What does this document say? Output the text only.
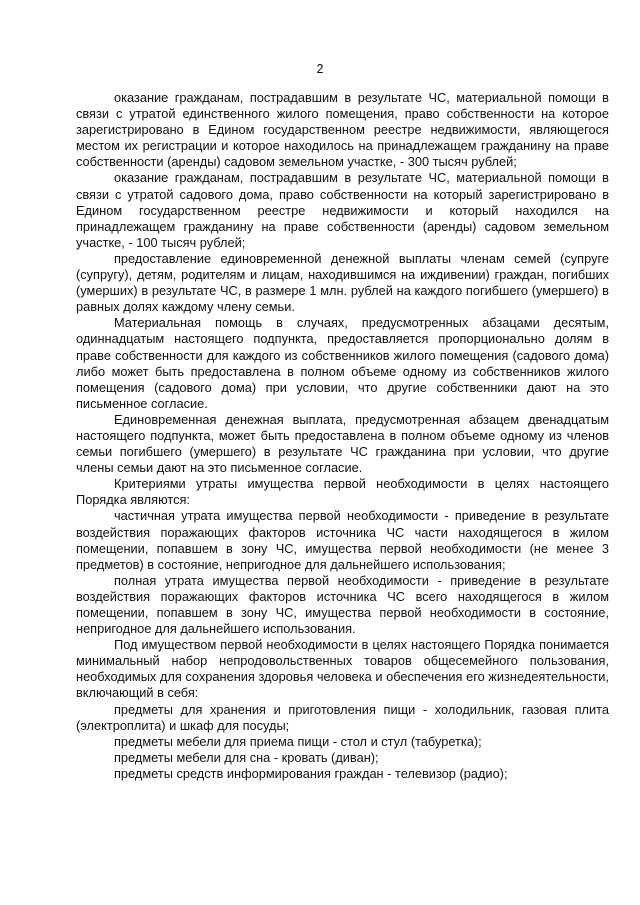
2

оказание гражданам, пострадавшим в результате ЧС, материальной помощи в связи с утратой единственного жилого помещения, право собственности на которое зарегистрировано в Едином государственном реестре недвижимости, являющегося местом их регистрации и которое находилось на принадлежащем гражданину на праве собственности (аренды) садовом земельном участке, - 300 тысяч рублей;

оказание гражданам, пострадавшим в результате ЧС, материальной помощи в связи с утратой садового дома, право собственности на который зарегистрировано в Едином государственном реестре недвижимости и который находился на принадлежащем гражданину на праве собственности (аренды) садовом земельном участке, - 100 тысяч рублей;

предоставление единовременной денежной выплаты членам семей (супруге (супругу), детям, родителям и лицам, находившимся на иждивении) граждан, погибших (умерших) в результате ЧС, в размере 1 млн. рублей на каждого погибшего (умершего) в равных долях каждому члену семьи.

Материальная помощь в случаях, предусмотренных абзацами десятым, одиннадцатым настоящего подпункта, предоставляется пропорционально долям в праве собственности для каждого из собственников жилого помещения (садового дома) либо может быть предоставлена в полном объеме одному из собственников жилого помещения (садового дома) при условии, что другие собственники дают на это письменное согласие.

Единовременная денежная выплата, предусмотренная абзацем двенадцатым настоящего подпункта, может быть предоставлена в полном объеме одному из членов семьи погибшего (умершего) в результате ЧС гражданина при условии, что другие члены семьи дают на это письменное согласие.

Критериями утраты имущества первой необходимости в целях настоящего Порядка являются:

частичная утрата имущества первой необходимости - приведение в результате воздействия поражающих факторов источника ЧС части находящегося в жилом помещении, попавшем в зону ЧС, имущества первой необходимости (не менее 3 предметов) в состояние, непригодное для дальнейшего использования;

полная утрата имущества первой необходимости - приведение в результате воздействия поражающих факторов источника ЧС всего находящегося в жилом помещении, попавшем в зону ЧС, имущества первой необходимости в состояние, непригодное для дальнейшего использования.

Под имуществом первой необходимости в целях настоящего Порядка понимается минимальный набор непродовольственных товаров общесемейного пользования, необходимых для сохранения здоровья человека и обеспечения его жизнедеятельности, включающий в себя:

предметы для хранения и приготовления пищи - холодильник, газовая плита (электроплита) и шкаф для посуды;

предметы мебели для приема пищи - стол и стул (табуретка);

предметы мебели для сна - кровать (диван);

предметы средств информирования граждан - телевизор (радио);
